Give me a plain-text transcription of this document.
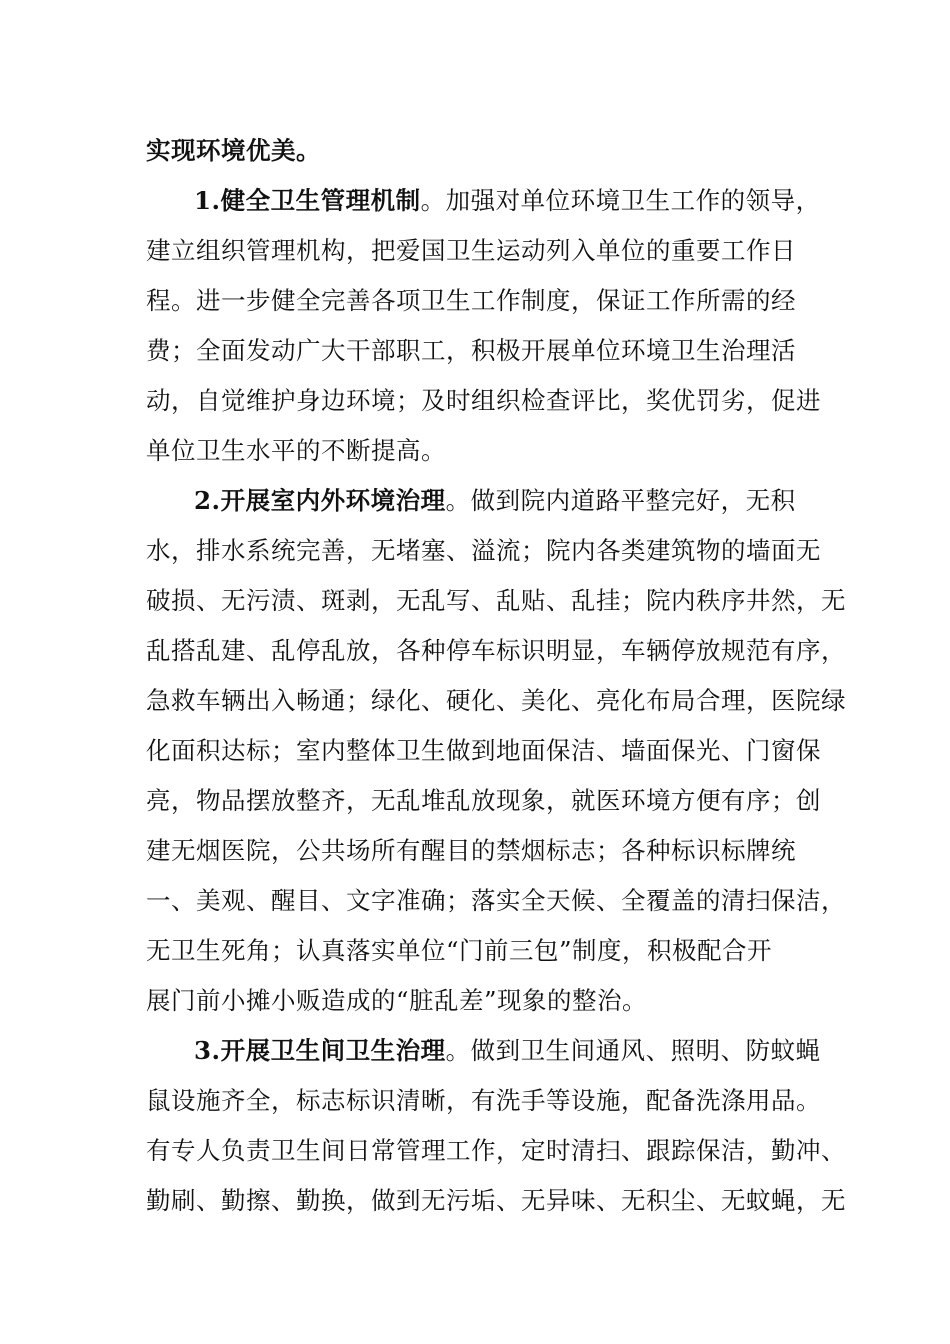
实现环境优美。
1.健全卫生管理机制。加强对单位环境卫生工作的领导，
建立组织管理机构，把爱国卫生运动列入单位的重要工作日
程。进一步健全完善各项卫生工作制度，保证工作所需的经
费；全面发动广大干部职工，积极开展单位环境卫生治理活
动，自觉维护身边环境；及时组织检查评比，奖优罚劣，促进
单位卫生水平的不断提高。
2.开展室内外环境治理。做到院内道路平整完好，无积
水，排水系统完善，无堵塞、溢流；院内各类建筑物的墙面无
破损、无污渍、斑剥，无乱写、乱贴、乱挂；院内秩序井然，无
乱搭乱建、乱停乱放，各种停车标识明显，车辆停放规范有序，
急救车辆出入畅通；绿化、硬化、美化、亮化布局合理，医院绿
化面积达标；室内整体卫生做到地面保洁、墙面保光、门窗保
亮，物品摆放整齐，无乱堆乱放现象，就医环境方便有序；创
建无烟医院，公共场所有醒目的禁烟标志；各种标识标牌统
一、美观、醒目、文字准确；落实全天候、全覆盖的清扫保洁，
无卫生死角；认真落实单位“门前三包”制度，积极配合开
展门前小摊小贩造成的“脏乱差”现象的整治。
3.开展卫生间卫生治理。做到卫生间通风、照明、防蚊蝇
鼠设施齐全，标志标识清晰，有洗手等设施，配备洗涤用品。
有专人负责卫生间日常管理工作，定时清扫、跟踪保洁，勤冲、
勤刷、勤擦、勤换，做到无污垢、无异味、无积尘、无蚊蝇，无
